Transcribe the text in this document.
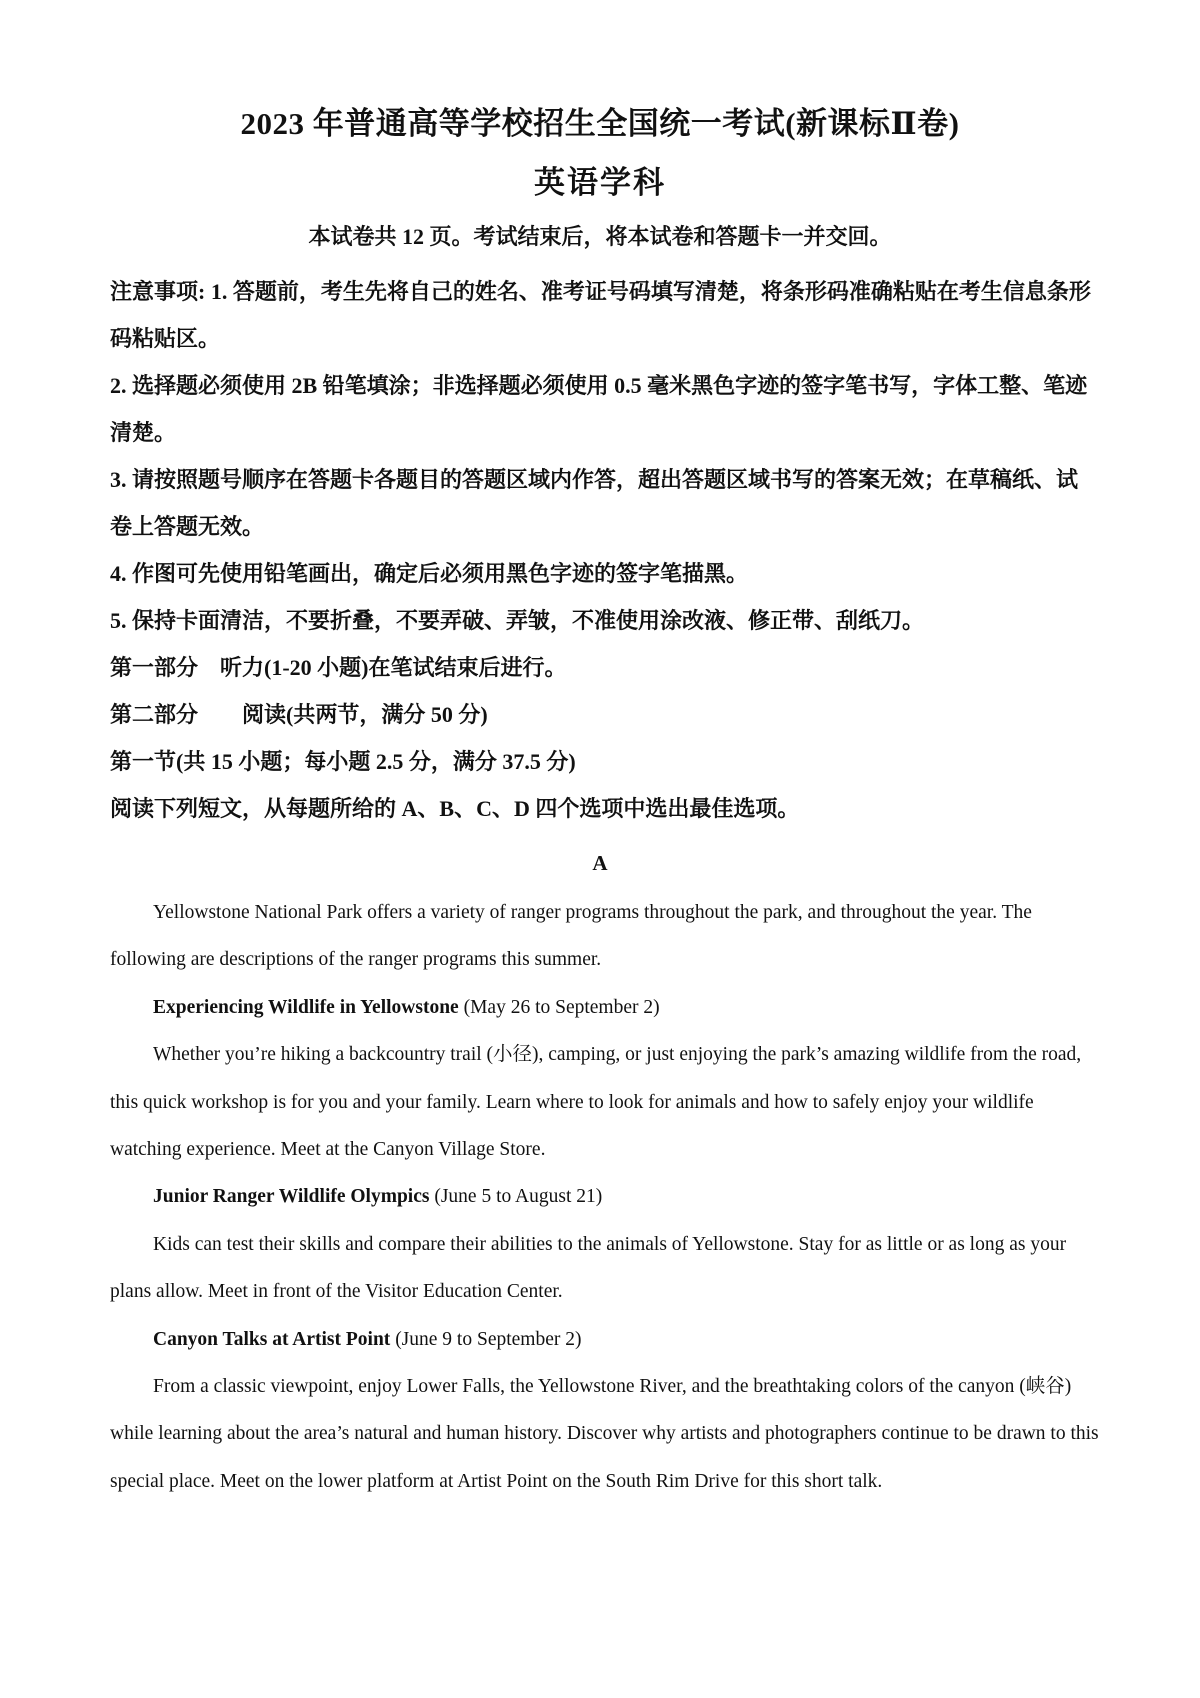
2023 年普通高等学校招生全国统一考试(新课标Ⅱ卷)
英语学科
本试卷共 12 页。考试结束后，将本试卷和答题卡一并交回。

注意事项: 1. 答题前，考生先将自己的姓名、准考证号码填写清楚，将条形码准确粘贴在考生信息条形码粘贴区。

2. 选择题必须使用 2B 铅笔填涂；非选择题必须使用 0.5 毫米黑色字迹的签字笔书写，字体工整、笔迹清楚。

3. 请按照题号顺序在答题卡各题目的答题区域内作答，超出答题区域书写的答案无效；在草稿纸、试卷上答题无效。

4. 作图可先使用铅笔画出，确定后必须用黑色字迹的签字笔描黑。

5. 保持卡面清洁，不要折叠，不要弄破、弄皱，不准使用涂改液、修正带、刮纸刀。

第一部分　听力(1-20 小题)在笔试结束后进行。

第二部分　　阅读(共两节，满分 50 分)

第一节(共 15 小题；每小题 2.5 分，满分 37.5 分)

阅读下列短文，从每题所给的 A、B、C、D 四个选项中选出最佳选项。

A

Yellowstone National Park offers a variety of ranger programs throughout the park, and throughout the year. The following are descriptions of the ranger programs this summer.

Experiencing Wildlife in Yellowstone (May 26 to September 2)

Whether you’re hiking a backcountry trail (小径), camping, or just enjoying the park’s amazing wildlife from the road, this quick workshop is for you and your family. Learn where to look for animals and how to safely enjoy your wildlife watching experience. Meet at the Canyon Village Store.

Junior Ranger Wildlife Olympics (June 5 to August 21)

Kids can test their skills and compare their abilities to the animals of Yellowstone. Stay for as little or as long as your plans allow. Meet in front of the Visitor Education Center.

Canyon Talks at Artist Point (June 9 to September 2)

From a classic viewpoint, enjoy Lower Falls, the Yellowstone River, and the breathtaking colors of the canyon (峡谷) while learning about the area’s natural and human history. Discover why artists and photographers continue to be drawn to this special place. Meet on the lower platform at Artist Point on the South Rim Drive for this short talk.
